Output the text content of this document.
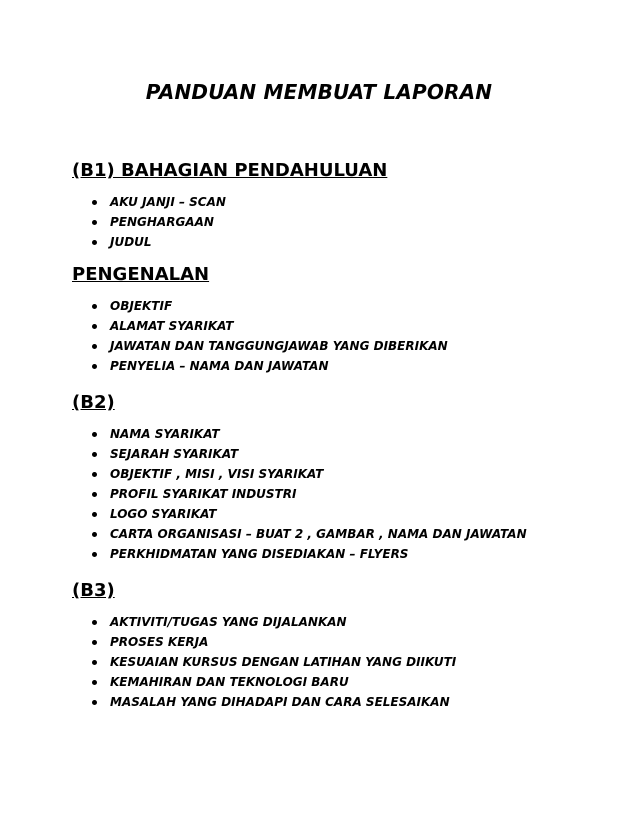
PANDUAN MEMBUAT LAPORAN
(B1) BAHAGIAN PENDAHULUAN
AKU JANJI – SCAN
PENGHARGAAN
JUDUL
PENGENALAN
OBJEKTIF
ALAMAT SYARIKAT
JAWATAN DAN TANGGUNGJAWAB YANG DIBERIKAN
PENYELIA – NAMA DAN JAWATAN
(B2)
NAMA SYARIKAT
SEJARAH SYARIKAT
OBJEKTIF , MISI , VISI SYARIKAT
PROFIL SYARIKAT INDUSTRI
LOGO SYARIKAT
CARTA ORGANISASI – BUAT 2 , GAMBAR , NAMA DAN JAWATAN
PERKHIDMATAN YANG DISEDIAKAN – FLYERS
(B3)
AKTIVITI/TUGAS YANG DIJALANKAN
PROSES KERJA
KESUAIAN KURSUS DENGAN LATIHAN YANG DIIKUTI
KEMAHIRAN DAN TEKNOLOGI BARU
MASALAH YANG DIHADAPI DAN CARA SELESAIKAN
